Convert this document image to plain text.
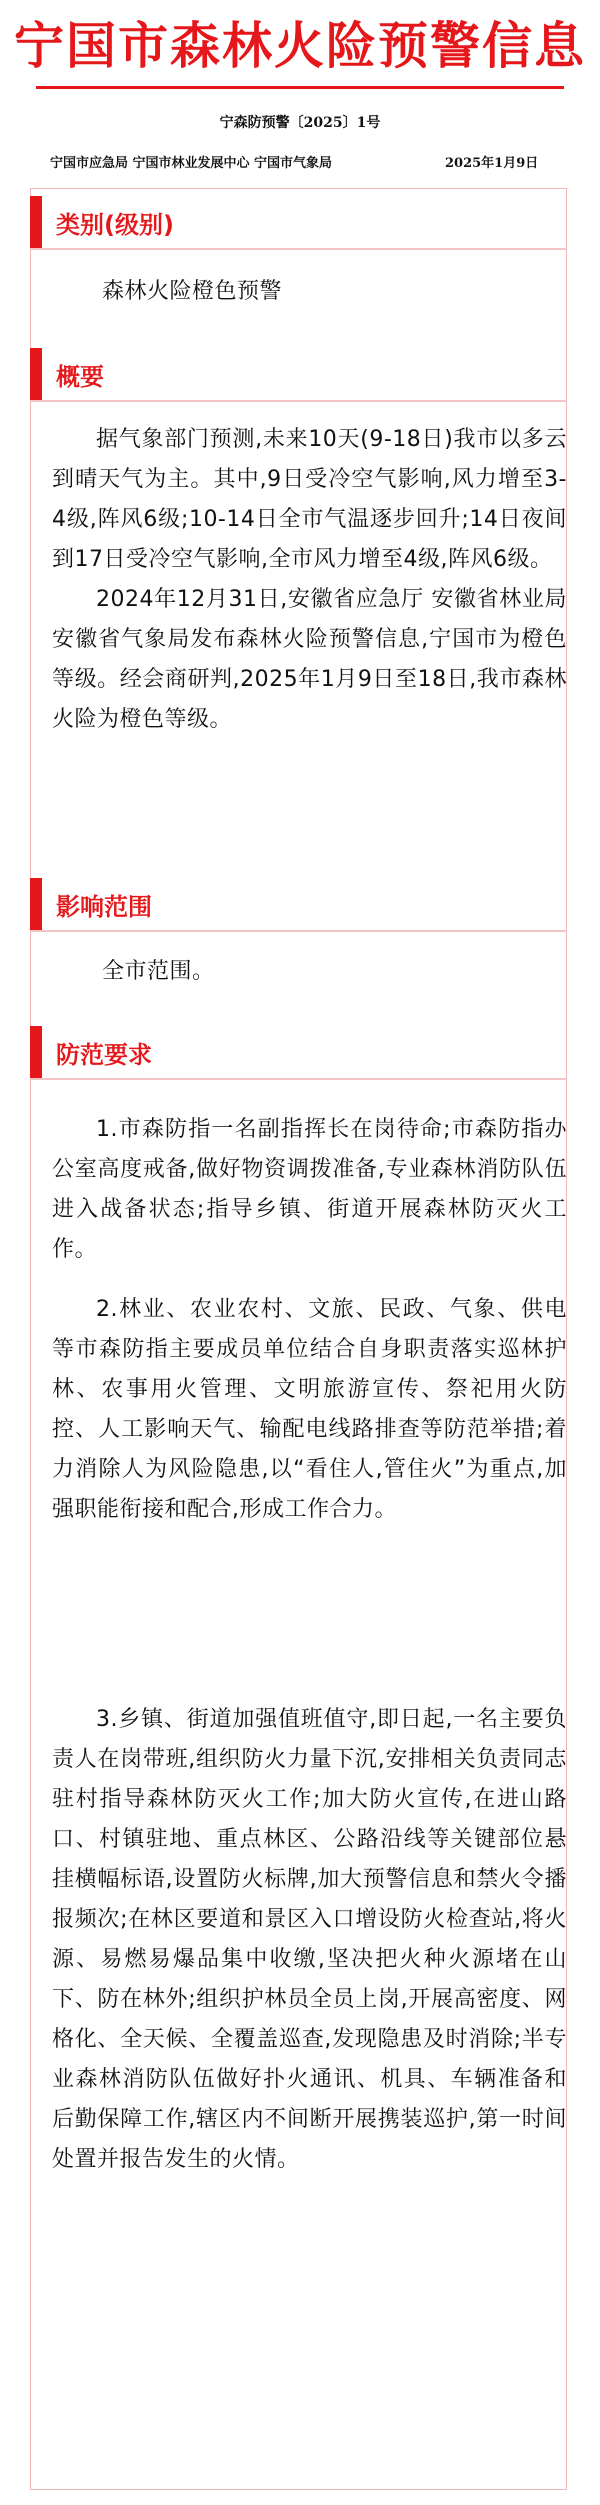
宁国市森林火险预警信息
宁森防预警〔2025〕1号
宁国市应急局 宁国市林业发展中心 宁国市气象局	2025年1月9日
类别(级别)
森林火险橙色预警
概要
据气象部门预测,未来10天(9-18日)我市以多云到晴天气为主。其中,9日受冷空气影响,风力增至3-4级,阵风6级;10-14日全市气温逐步回升;14日夜间到17日受冷空气影响,全市风力增至4级,阵风6级。
2024年12月31日,安徽省应急厅 安徽省林业局 安徽省气象局发布森林火险预警信息,宁国市为橙色等级。经会商研判,2025年1月9日至18日,我市森林火险为橙色等级。
影响范围
全市范围。
防范要求
1.市森防指一名副指挥长在岗待命;市森防指办公室高度戒备,做好物资调拨准备,专业森林消防队伍进入战备状态;指导乡镇、街道开展森林防灭火工作。
2.林业、农业农村、文旅、民政、气象、供电等市森防指主要成员单位结合自身职责落实巡林护林、农事用火管理、文明旅游宣传、祭祀用火防控、人工影响天气、输配电线路排查等防范举措;着力消除人为风险隐患,以“看住人,管住火”为重点,加强职能衔接和配合,形成工作合力。
3.乡镇、街道加强值班值守,即日起,一名主要负责人在岗带班,组织防火力量下沉,安排相关负责同志驻村指导森林防灭火工作;加大防火宣传,在进山路口、村镇驻地、重点林区、公路沿线等关键部位悬挂横幅标语,设置防火标牌,加大预警信息和禁火令播报频次;在林区要道和景区入口增设防火检查站,将火源、易燃易爆品集中收缴,坚决把火种火源堵在山下、防在林外;组织护林员全员上岗,开展高密度、网格化、全天候、全覆盖巡查,发现隐患及时消除;半专业森林消防队伍做好扑火通讯、机具、车辆准备和后勤保障工作,辖区内不间断开展携装巡护,第一时间处置并报告发生的火情。
